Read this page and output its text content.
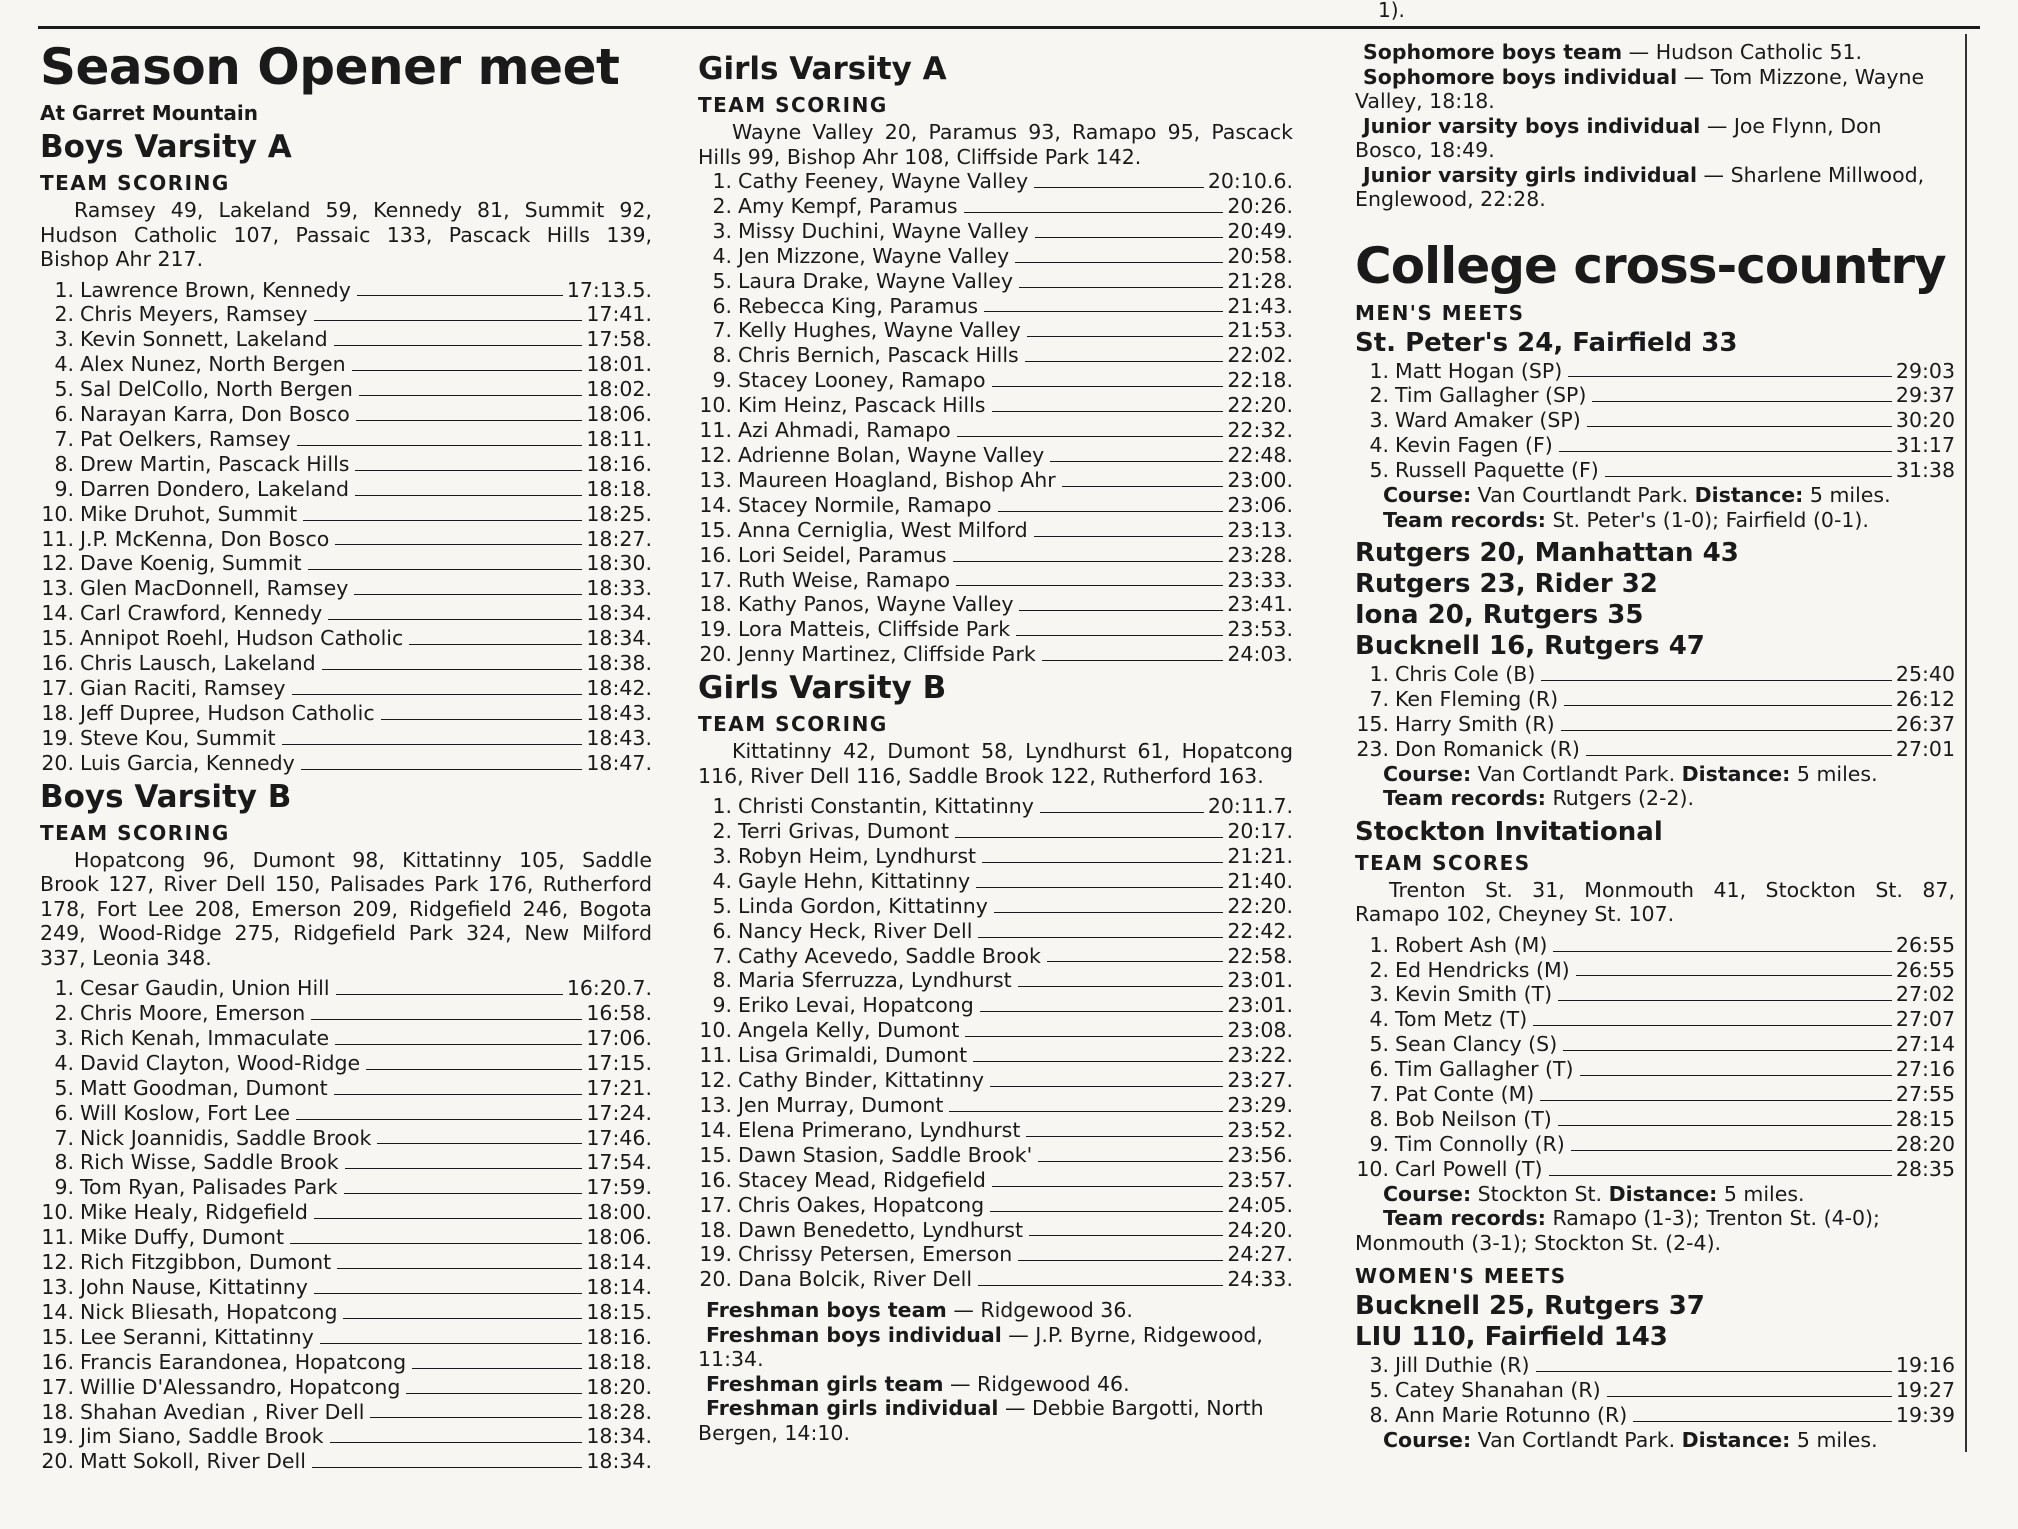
1).

Season Opener meet

At Garret Mountain

Boys Varsity A

TEAM SCORING

Ramsey 49, Lakeland 59, Kennedy 81, Summit 92, Hudson Catholic 107, Passaic 133, Pascack Hills 139, Bishop Ahr 217.

1. Lawrence Brown, Kennedy	17:13.5.
2. Chris Meyers, Ramsey	17:41.
3. Kevin Sonnett, Lakeland	17:58.
4. Alex Nunez, North Bergen	18:01.
5. Sal DelCollo, North Bergen	18:02.
6. Narayan Karra, Don Bosco	18:06.
7. Pat Oelkers, Ramsey	18:11.
8. Drew Martin, Pascack Hills	18:16.
9. Darren Dondero, Lakeland	18:18.
10. Mike Druhot, Summit	18:25.
11. J.P. McKenna, Don Bosco	18:27.
12. Dave Koenig, Summit	18:30.
13. Glen MacDonnell, Ramsey	18:33.
14. Carl Crawford, Kennedy	18:34.
15. Annipot Roehl, Hudson Catholic	18:34.
16. Chris Lausch, Lakeland	18:38.
17. Gian Raciti, Ramsey	18:42.
18. Jeff Dupree, Hudson Catholic	18:43.
19. Steve Kou, Summit	18:43.
20. Luis Garcia, Kennedy	18:47.

Boys Varsity B

TEAM SCORING

Hopatcong 96, Dumont 98, Kittatinny 105, Saddle Brook 127, River Dell 150, Palisades Park 176, Rutherford 178, Fort Lee 208, Emerson 209, Ridgefield 246, Bogota 249, Wood-Ridge 275, Ridgefield Park 324, New Milford 337, Leonia 348.

1. Cesar Gaudin, Union Hill	16:20.7.
2. Chris Moore, Emerson	16:58.
3. Rich Kenah, Immaculate	17:06.
4. David Clayton, Wood-Ridge	17:15.
5. Matt Goodman, Dumont	17:21.
6. Will Koslow, Fort Lee	17:24.
7. Nick Joannidis, Saddle Brook	17:46.
8. Rich Wisse, Saddle Brook	17:54.
9. Tom Ryan, Palisades Park	17:59.
10. Mike Healy, Ridgefield	18:00.
11. Mike Duffy, Dumont	18:06.
12. Rich Fitzgibbon, Dumont	18:14.
13. John Nause, Kittatinny	18:14.
14. Nick Bliesath, Hopatcong	18:15.
15. Lee Seranni, Kittatinny	18:16.
16. Francis Earandonea, Hopatcong	18:18.
17. Willie D'Alessandro, Hopatcong	18:20.
18. Shahan Avedian , River Dell	18:28.
19. Jim Siano, Saddle Brook	18:34.
20. Matt Sokoll, River Dell	18:34.

Girls Varsity A

TEAM SCORING

Wayne Valley 20, Paramus 93, Ramapo 95, Pascack Hills 99, Bishop Ahr 108, Cliffside Park 142.

1. Cathy Feeney, Wayne Valley	20:10.6.
2. Amy Kempf, Paramus	20:26.
3. Missy Duchini, Wayne Valley	20:49.
4. Jen Mizzone, Wayne Valley	20:58.
5. Laura Drake, Wayne Valley	21:28.
6. Rebecca King, Paramus	21:43.
7. Kelly Hughes, Wayne Valley	21:53.
8. Chris Bernich, Pascack Hills	22:02.
9. Stacey Looney, Ramapo	22:18.
10. Kim Heinz, Pascack Hills	22:20.
11. Azi Ahmadi, Ramapo	22:32.
12. Adrienne Bolan, Wayne Valley	22:48.
13. Maureen Hoagland, Bishop Ahr	23:00.
14. Stacey Normile, Ramapo	23:06.
15. Anna Cerniglia, West Milford	23:13.
16. Lori Seidel, Paramus	23:28.
17. Ruth Weise, Ramapo	23:33.
18. Kathy Panos, Wayne Valley	23:41.
19. Lora Matteis, Cliffside Park	23:53.
20. Jenny Martinez, Cliffside Park	24:03.

Girls Varsity B

TEAM SCORING

Kittatinny 42, Dumont 58, Lyndhurst 61, Hopatcong 116, River Dell 116, Saddle Brook 122, Rutherford 163.

1. Christi Constantin, Kittatinny	20:11.7.
2. Terri Grivas, Dumont	20:17.
3. Robyn Heim, Lyndhurst	21:21.
4. Gayle Hehn, Kittatinny	21:40.
5. Linda Gordon, Kittatinny	22:20.
6. Nancy Heck, River Dell	22:42.
7. Cathy Acevedo, Saddle Brook	22:58.
8. Maria Sferruzza, Lyndhurst	23:01.
9. Eriko Levai, Hopatcong	23:01.
10. Angela Kelly, Dumont	23:08.
11. Lisa Grimaldi, Dumont	23:22.
12. Cathy Binder, Kittatinny	23:27.
13. Jen Murray, Dumont	23:29.
14. Elena Primerano, Lyndhurst	23:52.
15. Dawn Stasion, Saddle Brook'	23:56.
16. Stacey Mead, Ridgefield	23:57.
17. Chris Oakes, Hopatcong	24:05.
18. Dawn Benedetto, Lyndhurst	24:20.
19. Chrissy Petersen, Emerson	24:27.
20. Dana Bolcik, River Dell	24:33.

Freshman boys team — Ridgewood 36.

Freshman boys individual — J.P. Byrne, Ridgewood, 11:34.

Freshman girls team — Ridgewood 46.

Freshman girls individual — Debbie Bargotti, North Bergen, 14:10.

Sophomore boys team — Hudson Catholic 51.

Sophomore boys individual — Tom Mizzone, Wayne Valley, 18:18.

Junior varsity boys individual — Joe Flynn, Don Bosco, 18:49.

Junior varsity girls individual — Sharlene Millwood, Englewood, 22:28.

College cross-country

MEN'S MEETS

St. Peter's 24, Fairfield 33

1. Matt Hogan (SP)	29:03
2. Tim Gallagher (SP)	29:37
3. Ward Amaker (SP)	30:20
4. Kevin Fagen (F)	31:17
5. Russell Paquette (F)	31:38

Course: Van Courtlandt Park. Distance: 5 miles.

Team records: St. Peter's (1-0); Fairfield (0-1).

Rutgers 20, Manhattan 43

Rutgers 23, Rider 32

Iona 20, Rutgers 35

Bucknell 16, Rutgers 47

1. Chris Cole (B)	25:40
7. Ken Fleming (R)	26:12
15. Harry Smith (R)	26:37
23. Don Romanick (R)	27:01

Course: Van Cortlandt Park. Distance: 5 miles.

Team records: Rutgers (2-2).

Stockton Invitational

TEAM SCORES

Trenton St. 31, Monmouth 41, Stockton St. 87, Ramapo 102, Cheyney St. 107.

1. Robert Ash (M)	26:55
2. Ed Hendricks (M)	26:55
3. Kevin Smith (T)	27:02
4. Tom Metz (T)	27:07
5. Sean Clancy (S)	27:14
6. Tim Gallagher (T)	27:16
7. Pat Conte (M)	27:55
8. Bob Neilson (T)	28:15
9. Tim Connolly (R)	28:20
10. Carl Powell (T)	28:35

Course: Stockton St. Distance: 5 miles.

Team records: Ramapo (1-3); Trenton St. (4-0); Monmouth (3-1); Stockton St. (2-4).

WOMEN'S MEETS

Bucknell 25, Rutgers 37

LIU 110, Fairfield 143

3. Jill Duthie (R)	19:16
5. Catey Shanahan (R)	19:27
8. Ann Marie Rotunno (R)	19:39

Course: Van Cortlandt Park. Distance: 5 miles.
